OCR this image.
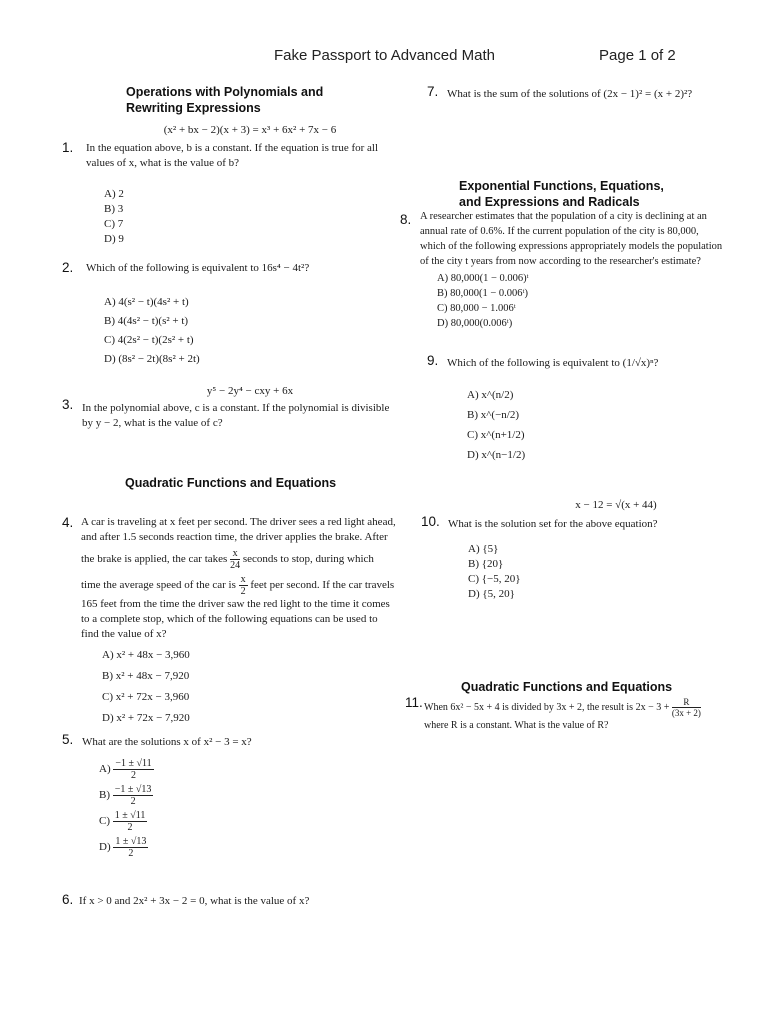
Fake Passport to Advanced Math	Page 1 of 2
Operations with Polynomials and
Rewriting Expressions
(x² + bx − 2)(x + 3) = x³ + 6x² + 7x − 6
1. In the equation above, b is a constant. If the equation is true for all values of x, what is the value of b?
A) 2
B) 3
C) 7
D) 9
2. Which of the following is equivalent to 16s⁴ − 4t²?
A) 4(s² − t)(4s² + t)
B) 4(4s² − t)(s² + t)
C) 4(2s² − t)(2s² + t)
D) (8s² − 2t)(8s² + 2t)
y⁵ − 2y⁴ − cxy + 6x
3. In the polynomial above, c is a constant. If the polynomial is divisible by y − 2, what is the value of c?
Quadratic Functions and Equations
4. A car is traveling at x feet per second. The driver sees a red light ahead,
and after 1.5 seconds reaction time, the driver applies the brake. After
the brake is applied, the car takes $\frac{x}{24}$ seconds to stop, during which
time the average speed of the car is $\frac{x}{2}$ feet per second. If the car travels
165 feet from the time the driver saw the red light to the time it comes
to a complete stop, which of the following equations can be used to
find the value of x?
A) x² + 48x − 3,960
B) x² + 48x − 7,920
C) x² + 72x − 3,960
D) x² + 72x − 7,920
5. What are the solutions x of x² − 3 = x?
$A) \frac{-1 \pm √11}{2}$
$B) \frac{-1 \pm √13}{2}$
$C) \frac{1 \pm √11}{2}$
$D) \frac{1 \pm √13}{2}$
6. If x > 0 and 2x² + 3x − 2 = 0, what is the value of x?
7. What is the sum of the solutions of (2x − 1)² = (x + 2)²?
Exponential Functions, Equations,
and Expressions and Radicals
8. A researcher estimates that the population of a city is declining at an
annual rate of 0.6%. If the current population of the city is 80,000,
which of the following expressions appropriately models the population
of the city t years from now according to the researcher's estimate?
A) 80,000(1 − 0.006)ᵗ
B) 80,000(1 − 0.006ᵗ)
C) 80,000 − 1.006ᵗ
D) 80,000(0.006ᵗ)
9. Which of the following is equivalent to (1/√x)ⁿ?
A) x^(n/2)
B) x^(−n/2)
C) x^(n+1/2)
D) x^(n−1/2)
x − 12 = √(x + 44)
10. What is the solution set for the above equation?
A) {5}
B) {20}
C) {−5, 20}
D) {5, 20}
Quadratic Functions and Equations
11. When 6x² − 5x + 4 is divided by 3x + 2, the result is $2x - 3 + \frac{R}{(3x + 2)}$
where R is a constant. What is the value of R?
